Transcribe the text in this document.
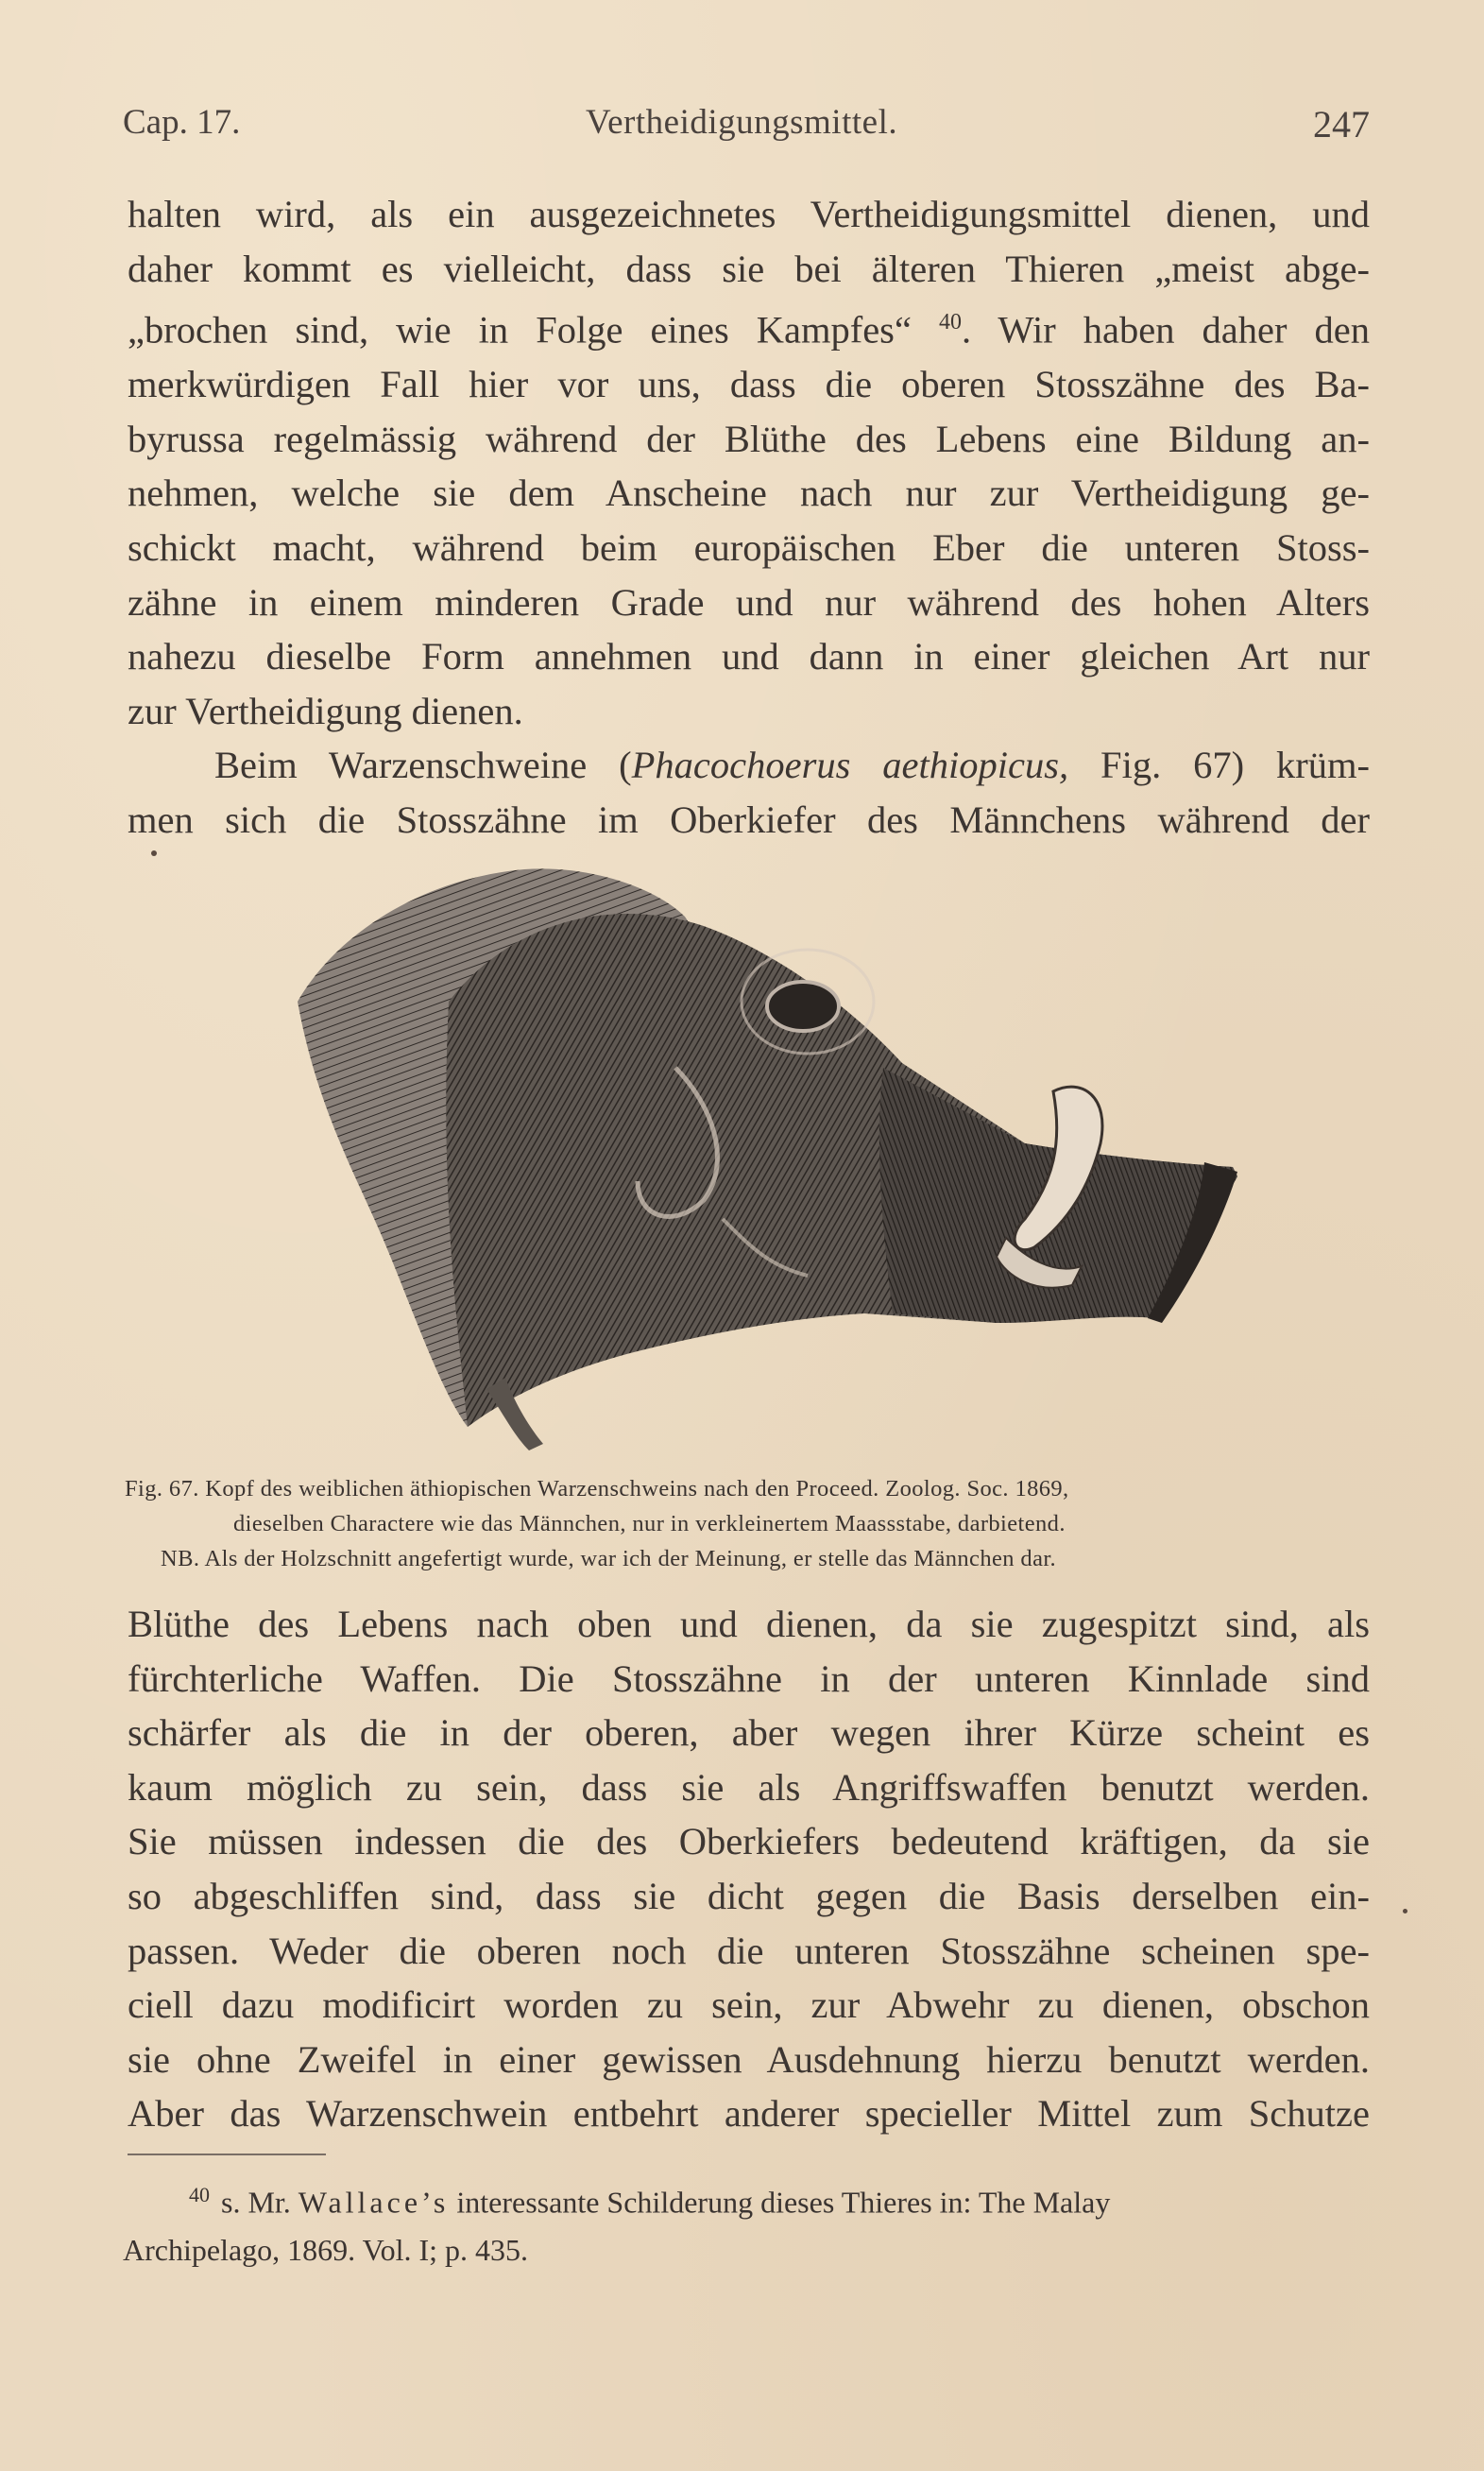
Cap. 17.	Vertheidigungsmittel.	247

halten wird, als ein ausgezeichnetes Vertheidigungsmittel dienen, und

daher kommt es vielleicht, dass sie bei älteren Thieren „meist abge-

„brochen sind, wie in Folge eines Kampfes“ $^{40}$. Wir haben daher den

merkwürdigen Fall hier vor uns, dass die oberen Stosszähne des Ba-

byrussa regelmässig während der Blüthe des Lebens eine Bildung an-

nehmen, welche sie dem Anscheine nach nur zur Vertheidigung ge-

schickt macht, während beim europäischen Eber die unteren Stoss-

zähne in einem minderen Grade und nur während des hohen Alters

nahezu dieselbe Form annehmen und dann in einer gleichen Art nur

zur Vertheidigung dienen.

Beim Warzenschweine (Phacochoerus aethiopicus, Fig. 67) krüm-

men sich die Stosszähne im Oberkiefer des Männchens während der

Fig. 67. Kopf des weiblichen äthiopischen Warzenschweins nach den Proceed. Zoolog. Soc. 1869,
dieselben Charactere wie das Männchen, nur in verkleinertem Maassstabe, darbietend.
NB. Als der Holzschnitt angefertigt wurde, war ich der Meinung, er stelle das Männchen dar.

Blüthe des Lebens nach oben und dienen, da sie zugespitzt sind, als

fürchterliche Waffen. Die Stosszähne in der unteren Kinnlade sind

schärfer als die in der oberen, aber wegen ihrer Kürze scheint es

kaum möglich zu sein, dass sie als Angriffswaffen benutzt werden.

Sie müssen indessen die des Oberkiefers bedeutend kräftigen, da sie

so abgeschliffen sind, dass sie dicht gegen die Basis derselben ein-

passen. Weder die oberen noch die unteren Stosszähne scheinen spe-

ciell dazu modificirt worden zu sein, zur Abwehr zu dienen, obschon

sie ohne Zweifel in einer gewissen Ausdehnung hierzu benutzt werden.

Aber das Warzenschwein entbehrt anderer specieller Mittel zum Schutze

$^{40}$ s. Mr. Wallace’s interessante Schilderung dieses Thieres in: The Malay
Archipelago, 1869. Vol. I; p. 435.
